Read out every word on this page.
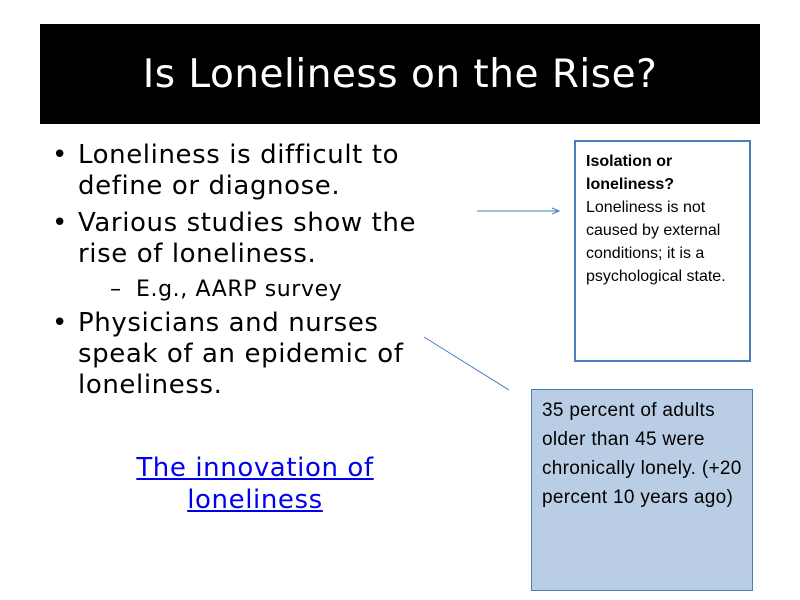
Is Loneliness on the Rise?
• Loneliness is difficult to define or diagnose.
• Various studies show the rise of loneliness.
– E.g., AARP survey
• Physicians and nurses speak of an epidemic of loneliness.
The innovation of loneliness
Isolation or loneliness?
Loneliness is not caused by external conditions; it is a psychological state.
35 percent of adults older than 45 were chronically lonely. (+20 percent 10 years ago)
